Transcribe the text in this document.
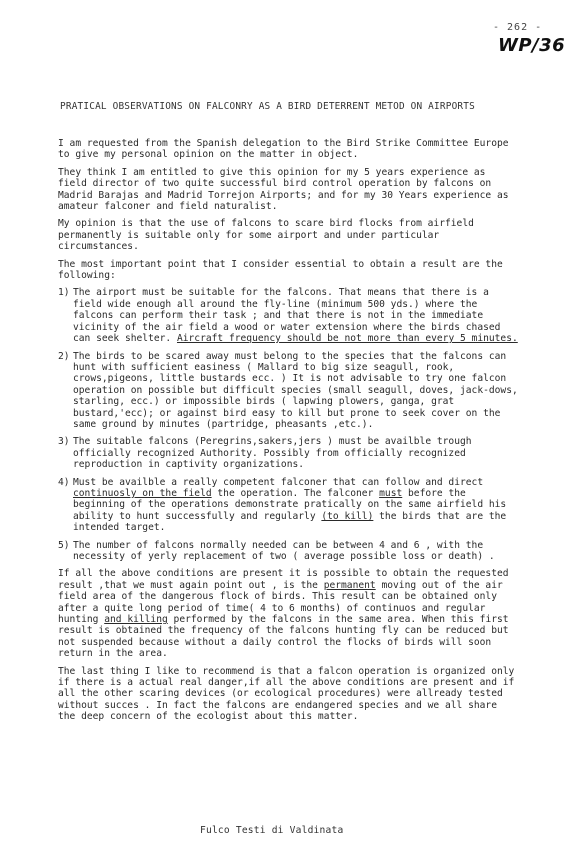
- 262 -
WP/36
PRATICAL OBSERVATIONS ON FALCONRY AS A BIRD DETERRENT METOD ON AIRPORTS

I am requested from the Spanish delegation to the Bird Strike Committee Europe to give my personal opinion on the matter in object.

They think I am entitled to give this opinion for my 5 years experience as field director of two quite successful bird control operation by falcons on Madrid Barajas and Madrid Torrejon Airports; and for my 30 Years experience as amateur falconer and field naturalist.

My opinion is that the use of falcons to scare bird flocks from airfield permanently is suitable only for some airport and under particular circumstances.

The most important point that I consider essential to obtain a result are the following:

1) The airport must be suitable for the falcons. That means that there is a field wide enough all around the fly-line (minimum 500 yds.) where the falcons can perform their task ; and that there is not in the immediate vicinity of the air field a wood or water extension where the birds chased can seek shelter. Aircraft frequency should be not more than every 5 minutes.
2) The birds to be scared away must belong to the species that the falcons can hunt with sufficient easiness ( Mallard to big size seagull, rook, crows,pigeons, little bustards ecc. ) It is not advisable to try one falcon operation on possible but difficult species (small seagull, doves, jack-dows, starling, ecc.) or impossible birds ( lapwing plowers, ganga, grat bustard,'ecc); or against bird easy to kill but prone to seek cover on the same ground by minutes (partridge, pheasants ,etc.).
3) The suitable falcons (Peregrins,sakers,jers ) must be availble trough officially recognized Authority. Possibly from officially recognized reproduction in captivity organizations.
4) Must be availble a really competent falconer that can follow and direct continuosly on the field the operation. The falconer must before the beginning of the operations demonstrate pratically on the same airfield his ability to hunt successfully and regularly (to kill) the birds that are the intended target.
5) The number of falcons normally needed can be between 4 and 6 , with the necessity of yerly replacement of two ( average possible loss or death) .

If all the above conditions are present it is possible to obtain the requested result ,that we must again point out , is the permanent moving out of the air field area of the dangerous flock of birds. This result can be obtained only after a quite long period of time( 4 to 6 months) of continuos and regular hunting and killing performed by the falcons in the same area. When this first result is obtained the frequency of the falcons hunting fly can be reduced but not suspended because without a daily control the flocks of birds will soon return in the area.

The last thing I like to recommend is that a falcon operation is organized only if there is a actual real danger,if all the above conditions are present and if all the other scaring devices (or ecological procedures) were allready tested without succes . In fact the falcons are endangered species and we all share the deep concern of the ecologist about this matter.

Fulco Testi di Valdinata
